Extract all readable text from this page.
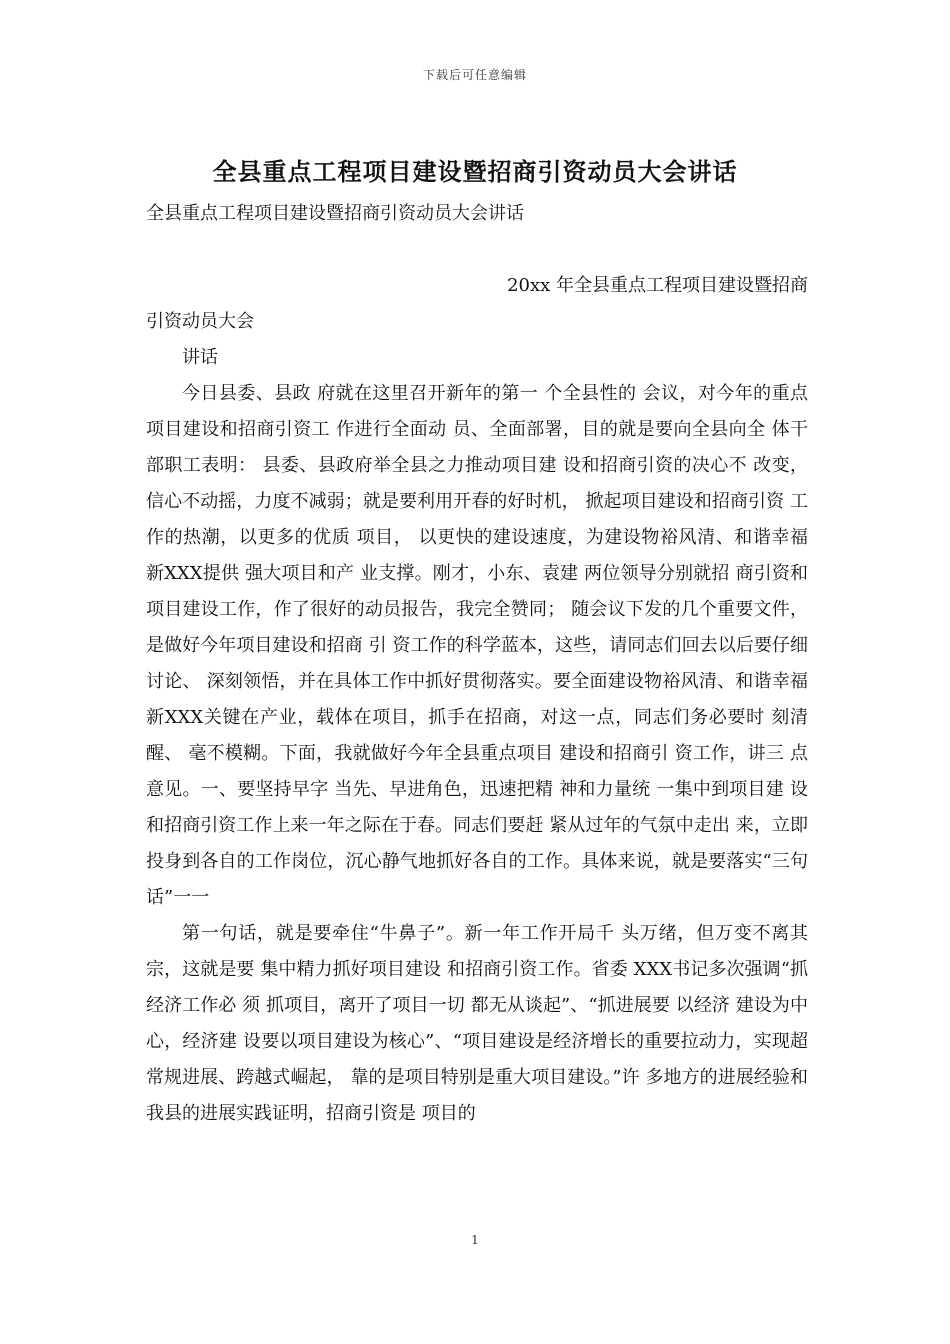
下载后可任意编辑
全县重点工程项目建设暨招商引资动员大会讲话

全县重点工程项目建设暨招商引资动员大会讲话

20xx 年全县重点工程项目建设暨招商

引资动员大会

讲话

今日县委、县政 府就在这里召开新年的第一 个全县性的 会议，对今年的重点项目建设和招商引资工 作进行全面动 员、全面部署，目的就是要向全县向全 体干部职工表明： 县委、县政府举全县之力推动项目建 设和招商引资的决心不 改变，信心不动摇，力度不减弱；就是要利用开春的好时机， 掀起项目建设和招商引资 工作的热潮，以更多的优质 项目， 以更快的建设速度，为建设物裕风清、和谐幸福 新XXX提供 强大项目和产 业支撑。刚才，小东、袁建 两位领导分别就招 商引资和项目建设工作，作了很好的动员报告，我完全赞同； 随会议下发的几个重要文件， 是做好今年项目建设和招商 引 资工作的科学蓝本，这些，请同志们回去以后要仔细 讨论、 深刻领悟，并在具体工作中抓好贯彻落实。要全面建设物裕风清、和谐幸福新XXX关键在产业，载体在项目，抓手在招商，对这一点，同志们务必要时 刻清醒、 毫不模糊。下面，我就做好今年全县重点项目 建设和招商引 资工作，讲三 点意见。一、要坚持早字 当先、早进角色，迅速把精 神和力量统 一集中到项目建 设和招商引资工作上来一年之际在于春。同志们要赶 紧从过年的气氛中走出 来，立即投身到各自的工作岗位，沉心静气地抓好各自的工作。具体来说，就是要落实“三句话”一一

第一句话，就是要牵住“牛鼻子”。新一年工作开局千 头万绪，但万变不离其宗，这就是要 集中精力抓好项目建设 和招商引资工作。省委 XXX书记多次强调“抓经济工作必 须 抓项目，离开了项目一切 都无从谈起”、“抓进展要 以经济 建设为中心，经济建 设要以项目建设为核心”、“项目建设是经济增长的重要拉动力，实现超常规进展、跨越式崛起， 靠的是项目特别是重大项目建设。”许 多地方的进展经验和 我县的进展实践证明，招商引资是 项目的

1
